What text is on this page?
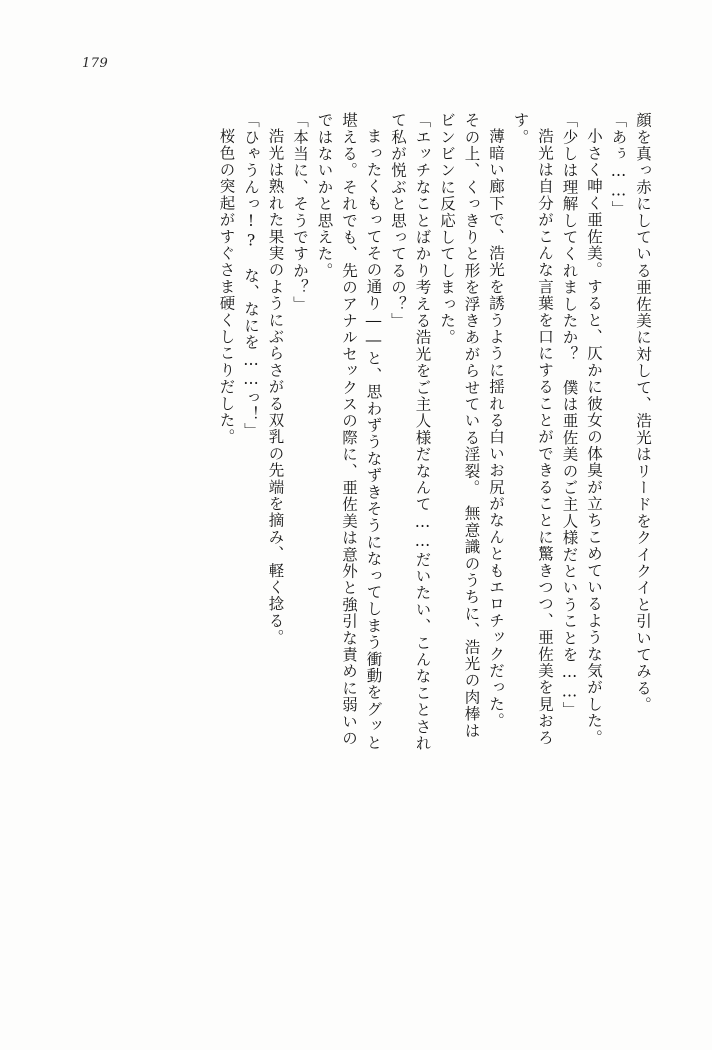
179
顔を真っ赤にしている亜佐美に対して、浩光はリードをクイクイと引いてみる。
「あぅ……」
小さく呻く亜佐美。すると、仄かに彼女の体臭が立ちこめているような気がした。
「少しは理解してくれましたか？　僕は亜佐美のご主人様だということを……」
浩光は自分がこんな言葉を口にすることができることに驚きつつ、亜佐美を見おろ
す。
薄暗い廊下で、浩光を誘うように揺れる白いお尻がなんともエロチックだった。
その上、くっきりと形を浮きあがらせている淫裂。　無意識のうちに、浩光の肉棒は
ビンビンに反応してしまった。
「エッチなことばかり考える浩光をご主人様だなんて……だいたい、こんなことされ
て私が悦ぶと思ってるの？」
まったくもってその通り――と、思わずうなずきそうになってしまう衝動をグッと
堪える。それでも、先のアナルセックスの際に、亜佐美は意外と強引な責めに弱いの
ではないかと思えた。
「本当に、そうですか？」
浩光は熟れた果実のようにぶらさがる双乳の先端を摘み、軽く捻る。
「ひゃうんっ!?　な、なにを……っ！」
桜色の突起がすぐさま硬くしこりだした。
